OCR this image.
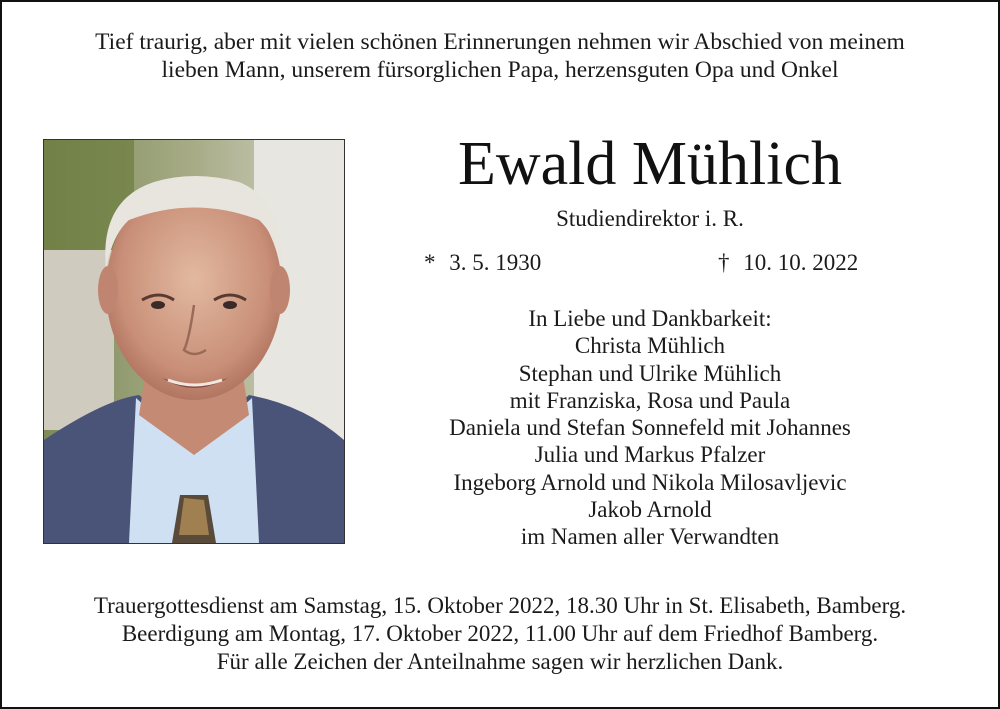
Tief traurig, aber mit vielen schönen Erinnerungen nehmen wir Abschied von meinem
lieben Mann, unserem fürsorglichen Papa, herzensguten Opa und Onkel
Ewald Mühlich
Studiendirektor i. R.
* 3. 5. 1930	† 10. 10. 2022
In Liebe und Dankbarkeit:
Christa Mühlich
Stephan und Ulrike Mühlich
mit Franziska, Rosa und Paula
Daniela und Stefan Sonnefeld mit Johannes
Julia und Markus Pfalzer
Ingeborg Arnold und Nikola Milosavljevic
Jakob Arnold
im Namen aller Verwandten
Trauergottesdienst am Samstag, 15. Oktober 2022, 18.30 Uhr in St. Elisabeth, Bamberg.
Beerdigung am Montag, 17. Oktober 2022, 11.00 Uhr auf dem Friedhof Bamberg.
Für alle Zeichen der Anteilnahme sagen wir herzlichen Dank.
